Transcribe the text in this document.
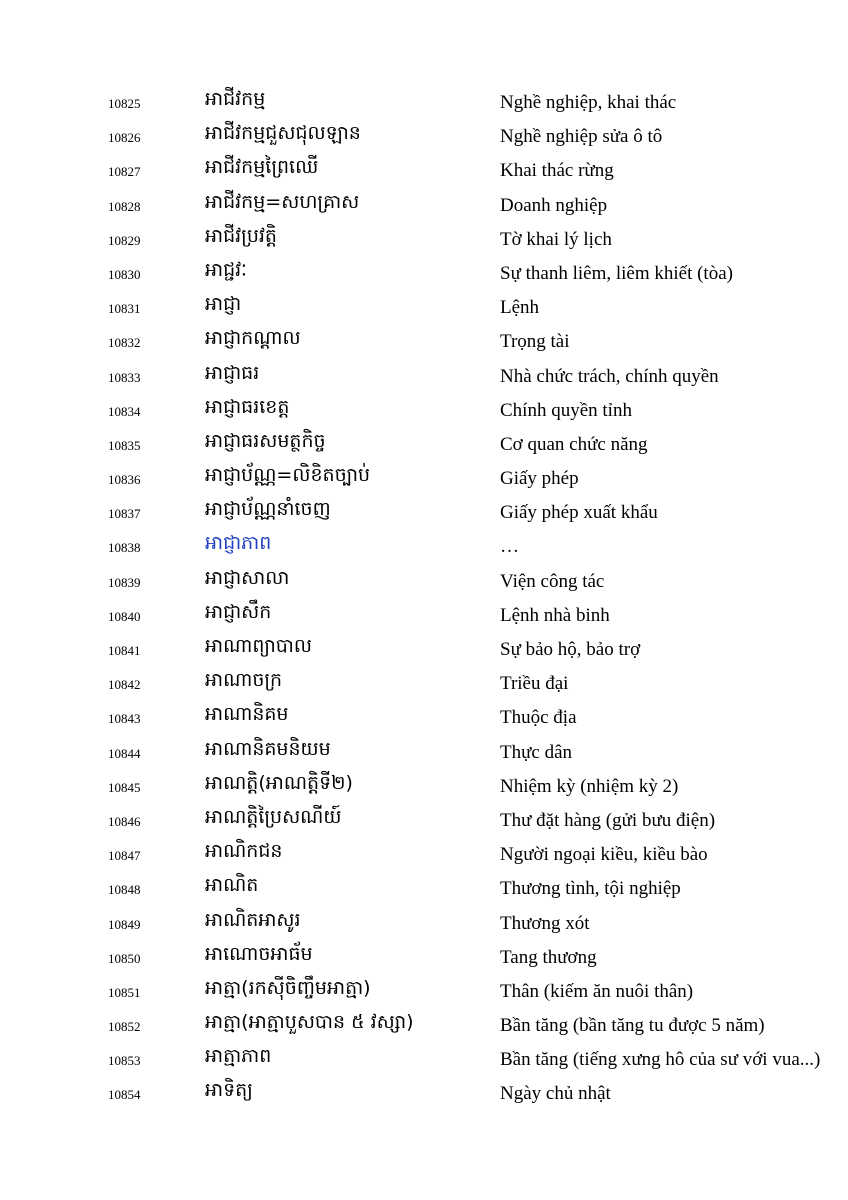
10825	អាជីវកម្ម	Nghề nghiệp, khai thác
10826	អាជីវកម្មជួសជុលឡាន	Nghề nghiệp sửa ô tô
10827	អាជីវកម្មព្រៃឈើ	Khai thác rừng
10828	អាជីវកម្ម=សហគ្រាស	Doanh nghiệp
10829	អាជីវប្រវត្តិ	Tờ khai lý lịch
10830	អាជ្ជវៈ	Sự thanh liêm, liêm khiết (tòa)
10831	អាជ្ញា	Lệnh
10832	អាជ្ញាកណ្តាល	Trọng tài
10833	អាជ្ញាធរ	Nhà chức trách, chính quyền
10834	អាជ្ញាធរខេត្ត	Chính quyền tỉnh
10835	អាជ្ញាធរសមត្ថកិច្ច	Cơ quan chức năng
10836	អាជ្ញាប័ណ្ណ=លិខិតច្បាប់	Giấy phép
10837	អាជ្ញាប័ណ្ណនាំចេញ	Giấy phép xuất khẩu
10838	អាជ្ញាភាព	…
10839	អាជ្ញាសាលា	Viện công tác
10840	អាជ្ញាសឹក	Lệnh nhà binh
10841	អាណាព្យាបាល	Sự bảo hộ, bảo trợ
10842	អាណាចក្រ	Triều đại
10843	អាណានិគម	Thuộc địa
10844	អាណានិគមនិយម	Thực dân
10845	អាណត្តិ(អាណត្តិទី២)	Nhiệm kỳ (nhiệm kỳ 2)
10846	អាណត្តិប្រៃសណីយ៍	Thư đặt hàng (gửi bưu điện)
10847	អាណិកជន	Người ngoại kiều, kiều bào
10848	អាណិត	Thương tình, tội nghiệp
10849	អាណិតអាសូរ	Thương xót
10850	អាណោចអាធ័ម	Tang thương
10851	អាត្មា(រកស៊ីចិញ្ចឹមអាត្មា)	Thân (kiếm ăn nuôi thân)
10852	អាត្មា(អាត្មាបួសបាន ៥ វស្សា)	Bần tăng (bần tăng tu được 5 năm)
10853	អាត្មាភាព	Bần tăng (tiếng xưng hô của sư với vua...)
10854	អាទិត្យ	Ngày chủ nhật
